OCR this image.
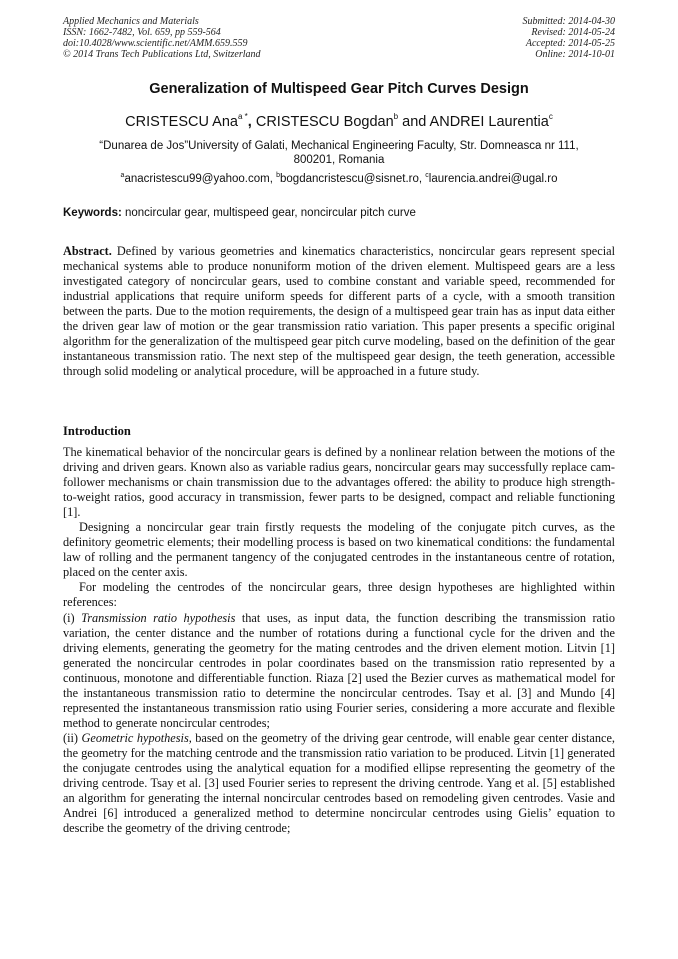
Applied Mechanics and Materials
ISSN: 1662-7482, Vol. 659, pp 559-564
doi:10.4028/www.scientific.net/AMM.659.559
© 2014 Trans Tech Publications Ltd, Switzerland
Submitted: 2014-04-30
Revised: 2014-05-24
Accepted: 2014-05-25
Online: 2014-10-01
Generalization of Multispeed Gear Pitch Curves Design
CRISTESCU Ana$^{a *}$, CRISTESCU Bogdan$^b$ and ANDREI Laurentia$^c$
“Dunarea de Jos”University of Galati, Mechanical Engineering Faculty, Str. Domneasca nr 111, 800201, Romania
$^a$anacristescu99@yahoo.com, $^b$bogdancristescu@sisnet.ro, $^c$laurencia.andrei@ugal.ro
Keywords: noncircular gear, multispeed gear, noncircular pitch curve
Abstract. Defined by various geometries and kinematics characteristics, noncircular gears represent special mechanical systems able to produce nonuniform motion of the driven element. Multispeed gears are a less investigated category of noncircular gears, used to combine constant and variable speed, recommended for industrial applications that require uniform speeds for different parts of a cycle, with a smooth transition between the parts. Due to the motion requirements, the design of a multispeed gear train has as input data either the driven gear law of motion or the gear transmission ratio variation. This paper presents a specific original algorithm for the generalization of the multispeed gear pitch curve modeling, based on the definition of the gear instantaneous transmission ratio. The next step of the multispeed gear design, the teeth generation, accessible through solid modeling or analytical procedure, will be approached in a future study.
Introduction

The kinematical behavior of the noncircular gears is defined by a nonlinear relation between the motions of the driving and driven gears. Known also as variable radius gears, noncircular gears may successfully replace cam-follower mechanisms or chain transmission due to the advantages offered: the ability to produce high strength-to-weight ratios, good accuracy in transmission, fewer parts to be designed, compact and reliable functioning [1].

Designing a noncircular gear train firstly requests the modeling of the conjugate pitch curves, as the definitory geometric elements; their modelling process is based on two kinematical conditions: the fundamental law of rolling and the permanent tangency of the conjugated centrodes in the instantaneous centre of rotation, placed on the center axis.

For modeling the centrodes of the noncircular gears, three design hypotheses are highlighted within references:

(i) Transmission ratio hypothesis that uses, as input data, the function describing the transmission ratio variation, the center distance and the number of rotations during a functional cycle for the driven and the driving elements, generating the geometry for the mating centrodes and the driven element motion. Litvin [1] generated the noncircular centrodes in polar coordinates based on the transmission ratio represented by a continuous, monotone and differentiable function. Riaza [2] used the Bezier curves as mathematical model for the instantaneous transmission ratio to determine the noncircular centrodes. Tsay et al. [3] and Mundo [4] represented the instantaneous transmission ratio using Fourier series, considering a more accurate and flexible method to generate noncircular centrodes;

(ii) Geometric hypothesis, based on the geometry of the driving gear centrode, will enable gear center distance, the geometry for the matching centrode and the transmission ratio variation to be produced. Litvin [1] generated the conjugate centrodes using the analytical equation for a modified ellipse representing the geometry of the driving centrode. Tsay et al. [3] used Fourier series to represent the driving centrode. Yang et al. [5] established an algorithm for generating the internal noncircular centrodes based on remodeling given centrodes. Vasie and Andrei [6] introduced a generalized method to determine noncircular centrodes using Gielis’ equation to describe the geometry of the driving centrode;
